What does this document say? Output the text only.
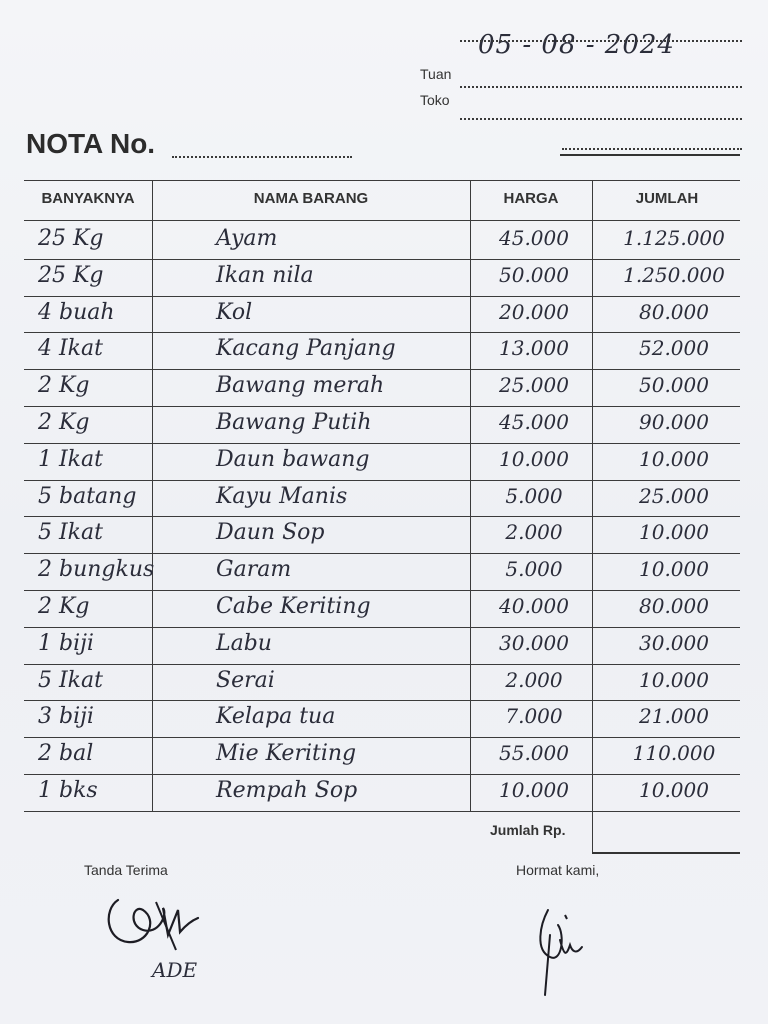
05 - 08 - 2024
Tuan
Toko
NOTA No.
BANYAKNYA	NAMA BARANG	HARGA	JUMLAH
25 Kg	Ayam	45.000	1.125.000
25 Kg	Ikan nila	50.000	1.250.000
4 buah	Kol	20.000	80.000
4 Ikat	Kacang Panjang	13.000	52.000
2 Kg	Bawang merah	25.000	50.000
2 Kg	Bawang Putih	45.000	90.000
1 Ikat	Daun bawang	10.000	10.000
5 batang	Kayu Manis	5.000	25.000
5 Ikat	Daun Sop	2.000	10.000
2 bungkus	Garam	5.000	10.000
2 Kg	Cabe Keriting	40.000	80.000
1 biji	Labu	30.000	30.000
5 Ikat	Serai	2.000	10.000
3 biji	Kelapa tua	7.000	21.000
2 bal	Mie Keriting	55.000	110.000
1 bks	Rempah Sop	10.000	10.000
Jumlah Rp.
Tanda Terima	Hormat kami,
ADE
